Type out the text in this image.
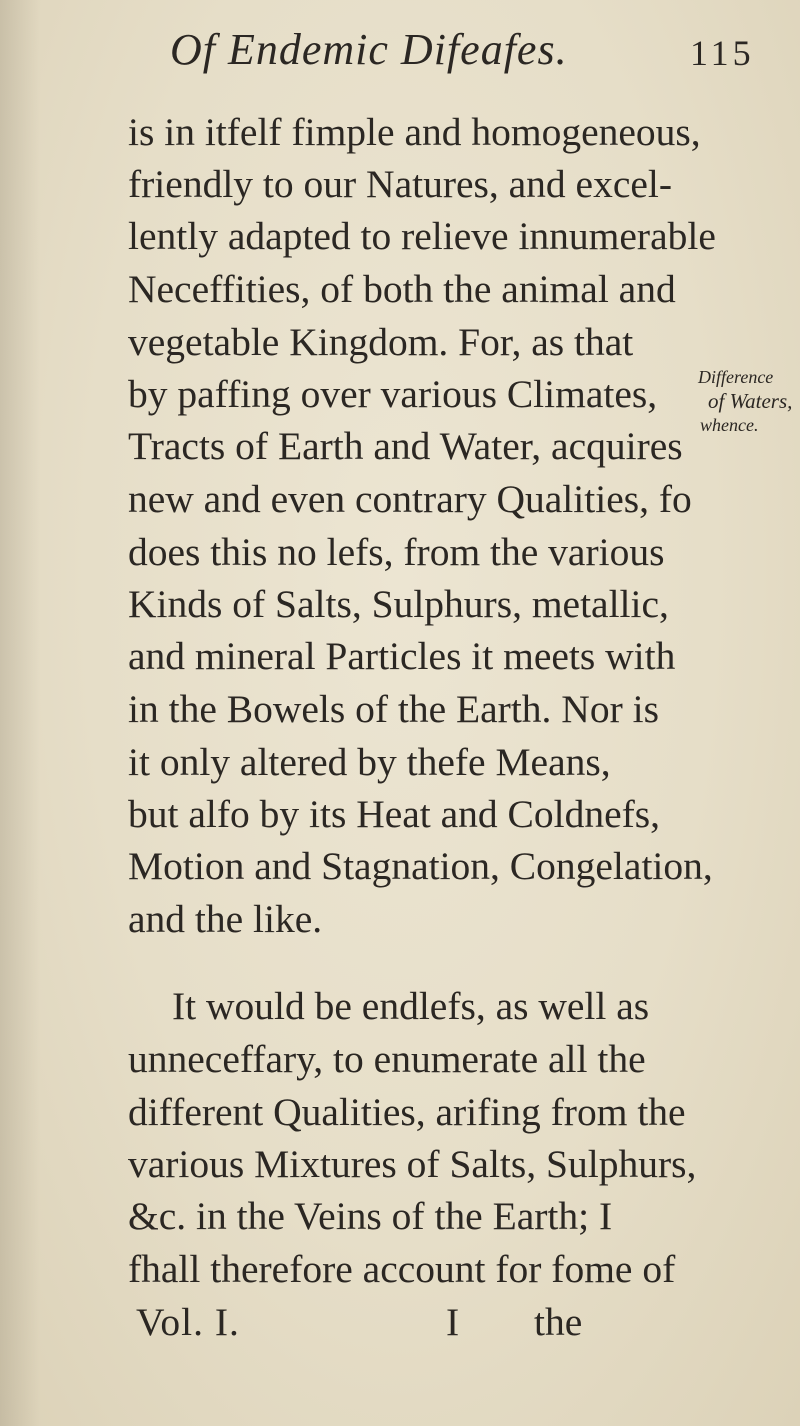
Of Endemic Difeafes.	115
is in itfelf fimple and homogeneous,
friendly to our Natures, and excel-
lently adapted to relieve innumerable
Neceffities, of both the animal and
vegetable Kingdom. For, as that
by paffing over various Climates,
Tracts of Earth and Water, acquires
new and even contrary Qualities, fo
does this no lefs, from the various
Kinds of Salts, Sulphurs, metallic,
and mineral Particles it meets with
in the Bowels of the Earth. Nor is
it only altered by thefe Means,
but alfo by its Heat and Coldnefs,
Motion and Stagnation, Congelation,
and the like.
It would be endlefs, as well as
unneceffary, to enumerate all the
different Qualities, arifing from the
various Mixtures of Salts, Sulphurs,
&c. in the Veins of the Earth; I
fhall therefore account for fome of
Difference
of Waters,
whence.
Vol. I.	I the
